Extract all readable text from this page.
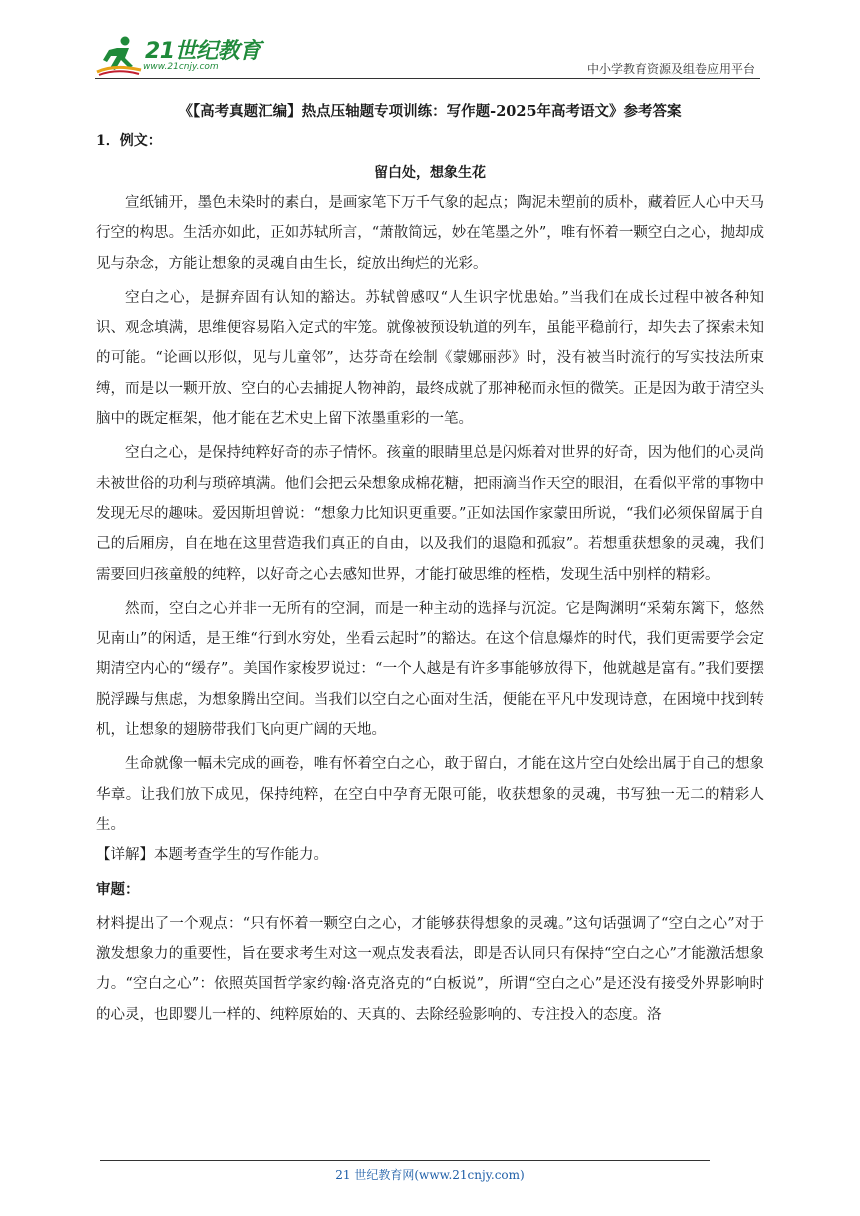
21世纪教育
www.21cnjy.com	中小学教育资源及组卷应用平台
《【高考真题汇编】热点压轴题专项训练：写作题-2025年高考语文》参考答案
1．例文：
留白处，想象生花

宣纸铺开，墨色未染时的素白，是画家笔下万千气象的起点；陶泥未塑前的质朴，藏着匠人心中天马行空的构思。生活亦如此，正如苏轼所言，“萧散简远，妙在笔墨之外”，唯有怀着一颗空白之心，抛却成见与杂念，方能让想象的灵魂自由生长，绽放出绚烂的光彩。

空白之心，是摒弃固有认知的豁达。苏轼曾感叹“人生识字忧患始。”当我们在成长过程中被各种知识、观念填满，思维便容易陷入定式的牢笼。就像被预设轨道的列车，虽能平稳前行，却失去了探索未知的可能。“论画以形似，见与儿童邻”，达芬奇在绘制《蒙娜丽莎》时，没有被当时流行的写实技法所束缚，而是以一颗开放、空白的心去捕捉人物神韵，最终成就了那神秘而永恒的微笑。正是因为敢于清空头脑中的既定框架，他才能在艺术史上留下浓墨重彩的一笔。

空白之心，是保持纯粹好奇的赤子情怀。孩童的眼睛里总是闪烁着对世界的好奇，因为他们的心灵尚未被世俗的功利与琐碎填满。他们会把云朵想象成棉花糖，把雨滴当作天空的眼泪，在看似平常的事物中发现无尽的趣味。爱因斯坦曾说：“想象力比知识更重要。”正如法国作家蒙田所说，“我们必须保留属于自己的后厢房，自在地在这里营造我们真正的自由，以及我们的退隐和孤寂”。若想重获想象的灵魂，我们需要回归孩童般的纯粹，以好奇之心去感知世界，才能打破思维的桎梏，发现生活中别样的精彩。

然而，空白之心并非一无所有的空洞，而是一种主动的选择与沉淀。它是陶渊明“采菊东篱下，悠然见南山”的闲适，是王维“行到水穷处，坐看云起时”的豁达。在这个信息爆炸的时代，我们更需要学会定期清空内心的“缓存”。美国作家梭罗说过：“一个人越是有许多事能够放得下，他就越是富有。”我们要摆脱浮躁与焦虑，为想象腾出空间。当我们以空白之心面对生活，便能在平凡中发现诗意，在困境中找到转机，让想象的翅膀带我们飞向更广阔的天地。

生命就像一幅未完成的画卷，唯有怀着空白之心，敢于留白，才能在这片空白处绘出属于自己的想象华章。让我们放下成见，保持纯粹，在空白中孕育无限可能，收获想象的灵魂，书写独一无二的精彩人生。

【详解】本题考查学生的写作能力。

审题：

材料提出了一个观点：“只有怀着一颗空白之心，才能够获得想象的灵魂。”这句话强调了“空白之心”对于激发想象力的重要性，旨在要求考生对这一观点发表看法，即是否认同只有保持“空白之心”才能激活想象力。“空白之心”：依照英国哲学家约翰·洛克洛克的“白板说”，所谓“空白之心”是还没有接受外界影响时的心灵，也即婴儿一样的、纯粹原始的、天真的、去除经验影响的、专注投入的态度。洛

21 世纪教育网(www.21cnjy.com)
